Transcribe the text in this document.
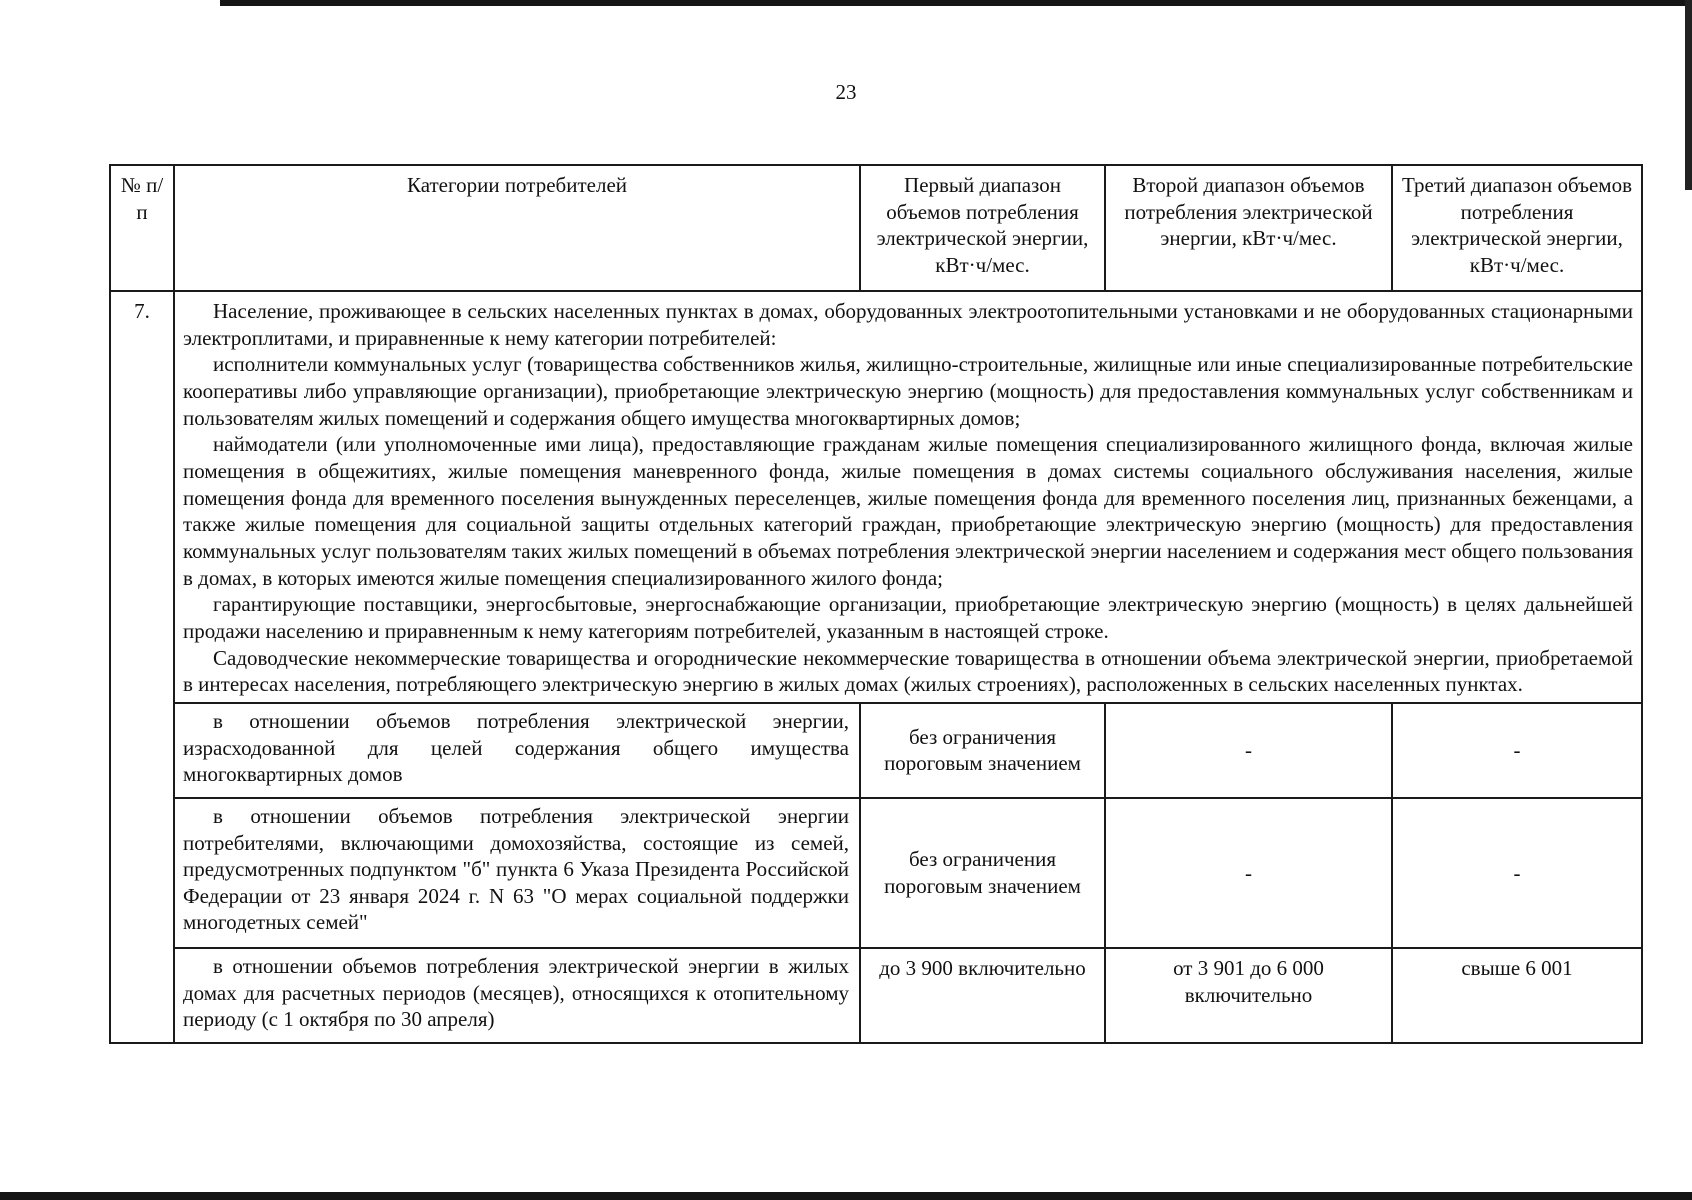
23
№ п/п	Категории потребителей	Первый диапазон объемов потребления электрической энергии, кВт·ч/мес.	Второй диапазон объемов потребления электрической энергии, кВт·ч/мес.	Третий диапазон объемов потребления электрической энергии, кВт·ч/мес.
7.	Население, проживающее в сельских населенных пунктах в домах, оборудованных электроотопительными установками и не оборудованных стационарными электроплитами, и приравненные к нему категории потребителей:

исполнители коммунальных услуг (товарищества собственников жилья, жилищно-строительные, жилищные или иные специализированные потребительские кооперативы либо управляющие организации), приобретающие электрическую энергию (мощность) для предоставления коммунальных услуг собственникам и пользователям жилых помещений и содержания общего имущества многоквартирных домов;

наймодатели (или уполномоченные ими лица), предоставляющие гражданам жилые помещения специализированного жилищного фонда, включая жилые помещения в общежитиях, жилые помещения маневренного фонда, жилые помещения в домах системы социального обслуживания населения, жилые помещения фонда для временного поселения вынужденных переселенцев, жилые помещения фонда для временного поселения лиц, признанных беженцами, а также жилые помещения для социальной защиты отдельных категорий граждан, приобретающие электрическую энергию (мощность) для предоставления коммунальных услуг пользователям таких жилых помещений в объемах потребления электрической энергии населением и содержания мест общего пользования в домах, в которых имеются жилые помещения специализированного жилого фонда;

гарантирующие поставщики, энергосбытовые, энергоснабжающие организации, приобретающие электрическую энергию (мощность) в целях дальнейшей продажи населению и приравненным к нему категориям потребителей, указанным в настоящей строке.

Садоводческие некоммерческие товарищества и огороднические некоммерческие товарищества в отношении объема электрической энергии, приобретаемой в интересах населения, потребляющего электрическую энергию в жилых домах (жилых строениях), расположенных в сельских населенных пунктах.			

	в отношении объемов потребления электрической энергии, израсходованной для целей содержания общего имущества многоквартирных домов	без ограничения пороговым значением	-	-
	в отношении объемов потребления электрической энергии потребителями, включающими домохозяйства, состоящие из семей, предусмотренных подпунктом "б" пункта 6 Указа Президента Российской Федерации от 23 января 2024 г. N 63 "О мерах социальной поддержки многодетных семей"	без ограничения пороговым значением	-	-
	в отношении объемов потребления электрической энергии в жилых домах для расчетных периодов (месяцев), относящихся к отопительному периоду (с 1 октября по 30 апреля)	до 3 900 включительно	от 3 901 до 6 000 включительно	свыше 6 001
